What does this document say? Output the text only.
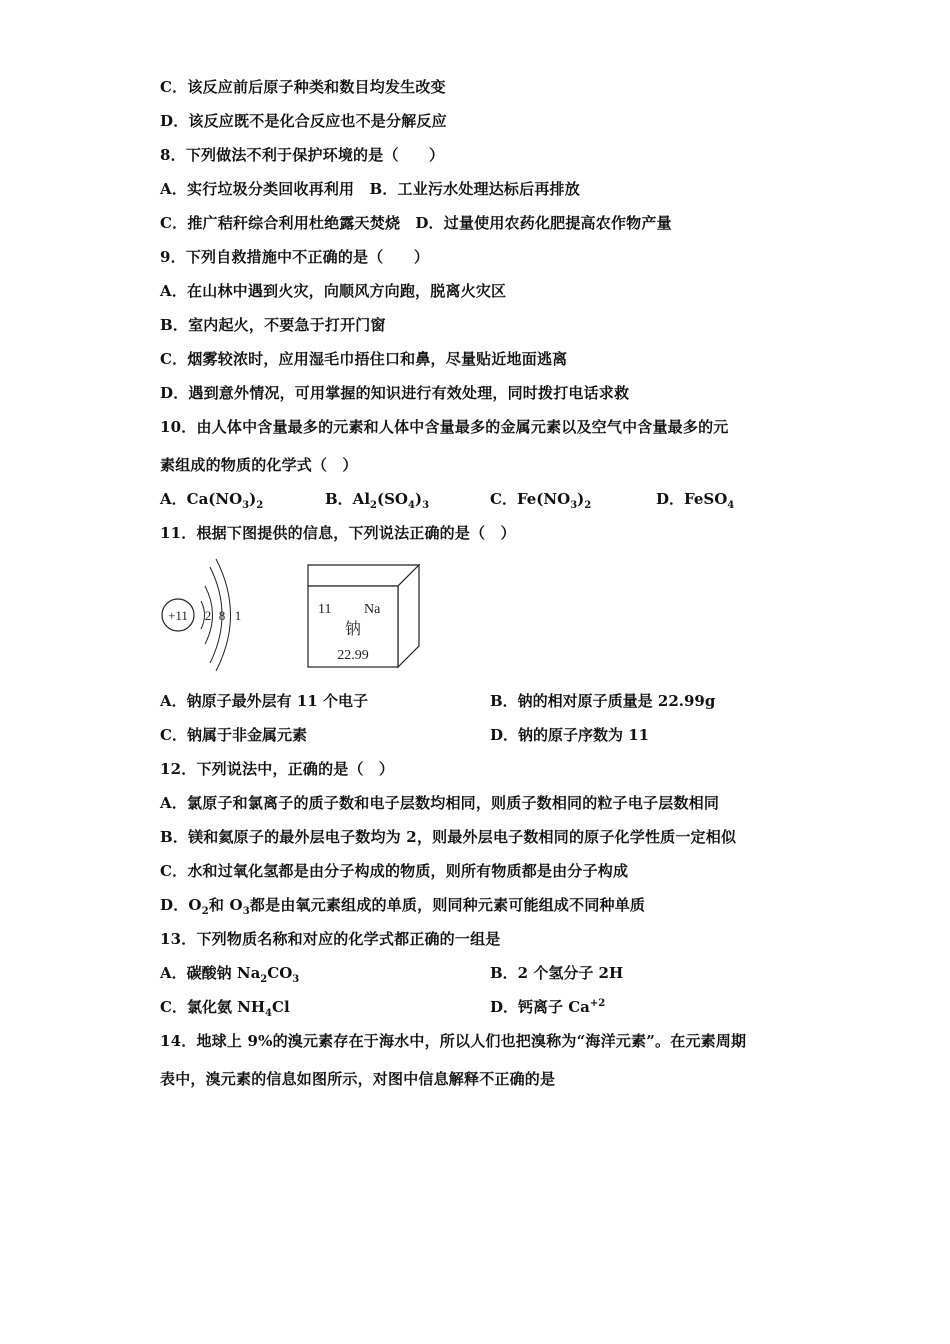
C．该反应前后原子种类和数目均发生改变
D．该反应既不是化合反应也不是分解反应
8．下列做法不利于保护环境的是（　　）
A．实行垃圾分类回收再利用　B．工业污水处理达标后再排放
C．推广秸秆综合利用杜绝露天焚烧　D．过量使用农药化肥提高农作物产量
9．下列自救措施中不正确的是（　　）
A．在山林中遇到火灾，向顺风方向跑，脱离火灾区
B．室内起火，不要急于打开门窗
C．烟雾较浓时，应用湿毛巾捂住口和鼻，尽量贴近地面逃离
D．遇到意外情况，可用掌握的知识进行有效处理，同时拨打电话求救
10．由人体中含量最多的元素和人体中含量最多的金属元素以及空气中含量最多的元
素组成的物质的化学式（　）
A．$Ca(NO_3)_2$	B．$Al_2(SO_4)_3$	C．$Fe(NO_3)_2$	D．FeSO$_4$
11．根据下图提供的信息，下列说法正确的是（　）
+11 2 8 1	11 Na
钠
22.99
A．钠原子最外层有 11 个电子	B．钠的相对原子质量是 22.99g
C．钠属于非金属元素	D．钠的原子序数为 11
12．下列说法中，正确的是（　）
A．氯原子和氯离子的质子数和电子层数均相同，则质子数相同的粒子电子层数相同
B．镁和氦原子的最外层电子数均为 2，则最外层电子数相同的原子化学性质一定相似
C．水和过氧化氢都是由分子构成的物质，则所有物质都是由分子构成
D．$O_2$和 $O_3$都是由氧元素组成的单质，则同种元素可能组成不同种单质
13．下列物质名称和对应的化学式都正确的一组是
A．碳酸钠 $Na_2CO_3$	B．2 个氢分子 2H
C．氯化氨 $NH_4Cl$	D．钙离子 $Ca^{+2}$
14．地球上 9%的溴元素存在于海水中，所以人们也把溴称为“海洋元素”。在元素周期
表中，溴元素的信息如图所示，对图中信息解释不正确的是
